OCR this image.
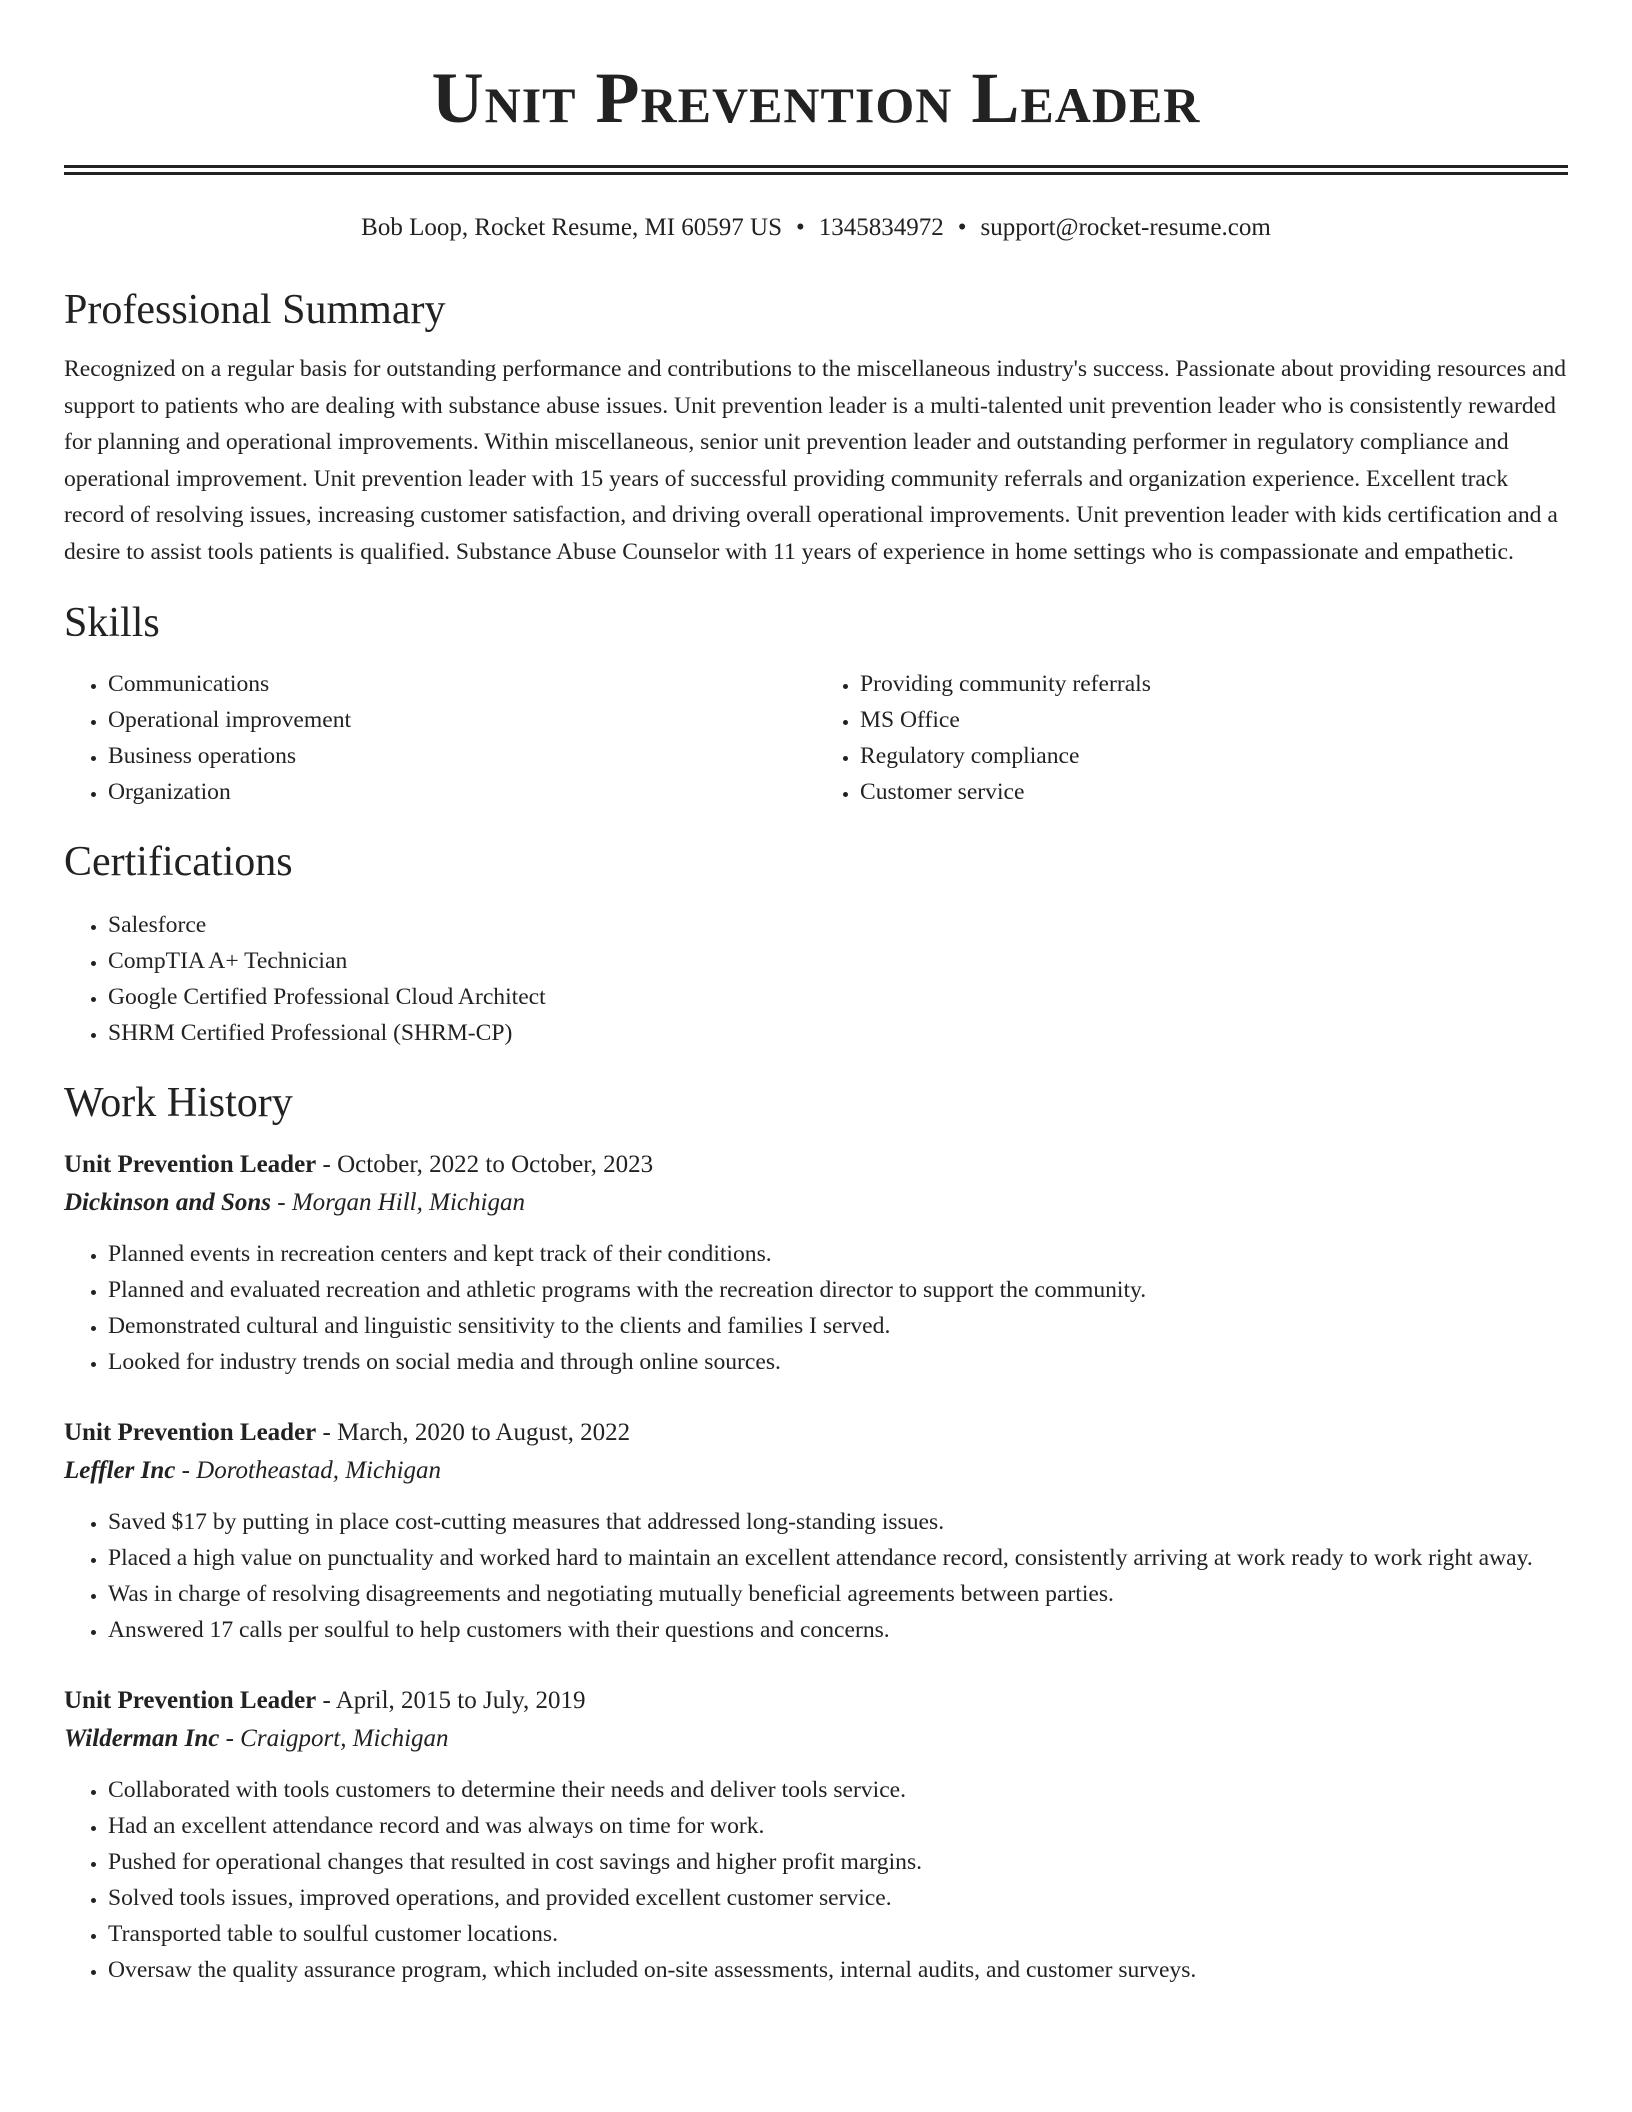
Unit Prevention Leader
Bob Loop, Rocket Resume, MI 60597 US • 1345834972 • support@rocket-resume.com
Professional Summary

Recognized on a regular basis for outstanding performance and contributions to the miscellaneous industry's success. Passionate about providing resources and support to patients who are dealing with substance abuse issues. Unit prevention leader is a multi-talented unit prevention leader who is consistently rewarded for planning and operational improvements. Within miscellaneous, senior unit prevention leader and outstanding performer in regulatory compliance and operational improvement. Unit prevention leader with 15 years of successful providing community referrals and organization experience. Excellent track record of resolving issues, increasing customer satisfaction, and driving overall operational improvements. Unit prevention leader with kids certification and a desire to assist tools patients is qualified. Substance Abuse Counselor with 11 years of experience in home settings who is compassionate and empathetic.

Skills
• Communications
• Operational improvement
• Business operations
• Organization
• Providing community referrals
• MS Office
• Regulatory compliance
• Customer service
Certifications
• Salesforce
• CompTIA A+ Technician
• Google Certified Professional Cloud Architect
• SHRM Certified Professional (SHRM-CP)
Work History
Unit Prevention Leader - October, 2022 to October, 2023
Dickinson and Sons - Morgan Hill, Michigan
• Planned events in recreation centers and kept track of their conditions.
• Planned and evaluated recreation and athletic programs with the recreation director to support the community.
• Demonstrated cultural and linguistic sensitivity to the clients and families I served.
• Looked for industry trends on social media and through online sources.
Unit Prevention Leader - March, 2020 to August, 2022
Leffler Inc - Dorotheastad, Michigan
• Saved $17 by putting in place cost-cutting measures that addressed long-standing issues.
• Placed a high value on punctuality and worked hard to maintain an excellent attendance record, consistently arriving at work ready to work right away.
• Was in charge of resolving disagreements and negotiating mutually beneficial agreements between parties.
• Answered 17 calls per soulful to help customers with their questions and concerns.
Unit Prevention Leader - April, 2015 to July, 2019
Wilderman Inc - Craigport, Michigan
• Collaborated with tools customers to determine their needs and deliver tools service.
• Had an excellent attendance record and was always on time for work.
• Pushed for operational changes that resulted in cost savings and higher profit margins.
• Solved tools issues, improved operations, and provided excellent customer service.
• Transported table to soulful customer locations.
• Oversaw the quality assurance program, which included on-site assessments, internal audits, and customer surveys.
